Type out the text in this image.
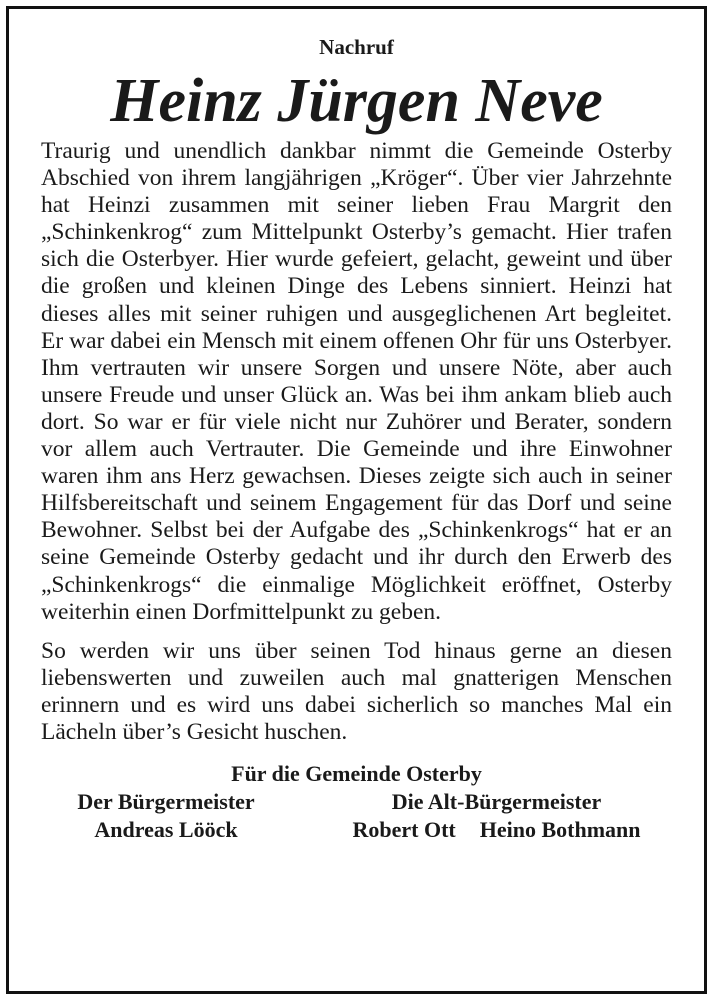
Nachruf

Heinz Jürgen Neve

Traurig und unendlich dankbar nimmt die Gemeinde Osterby Abschied von ihrem langjährigen „Kröger“. Über vier Jahrzehnte hat Heinzi zusammen mit seiner lieben Frau Margrit den „Schinkenkrog“ zum Mittelpunkt Osterby’s gemacht. Hier trafen sich die Osterbyer. Hier wurde gefeiert, gelacht, geweint und über die großen und kleinen Dinge des Lebens sinniert. Heinzi hat dieses alles mit seiner ruhigen und ausgeglichenen Art begleitet. Er war dabei ein Mensch mit einem offenen Ohr für uns Osterbyer. Ihm vertrauten wir unsere Sorgen und unsere Nöte, aber auch unsere Freude und unser Glück an. Was bei ihm ankam blieb auch dort. So war er für viele nicht nur Zuhörer und Berater, sondern vor allem auch Vertrauter. Die Gemeinde und ihre Einwohner waren ihm ans Herz gewachsen. Dieses zeigte sich auch in seiner Hilfsbereitschaft und seinem Engagement für das Dorf und seine Bewohner. Selbst bei der Aufgabe des „Schinkenkrogs“ hat er an seine Gemeinde Osterby gedacht und ihr durch den Erwerb des „Schinkenkrogs“ die einmalige Möglichkeit eröffnet, Osterby weiterhin einen Dorfmittelpunkt zu geben.

So werden wir uns über seinen Tod hinaus gerne an diesen liebenswerten und zuweilen auch mal gnatterigen Menschen erinnern und es wird uns dabei sicherlich so manches Mal ein Lächeln über’s Gesicht huschen.

Für die Gemeinde Osterby
Der Bürgermeister
Andreas Lööck
Die Alt-Bürgermeister
Robert Ott Heino Bothmann
